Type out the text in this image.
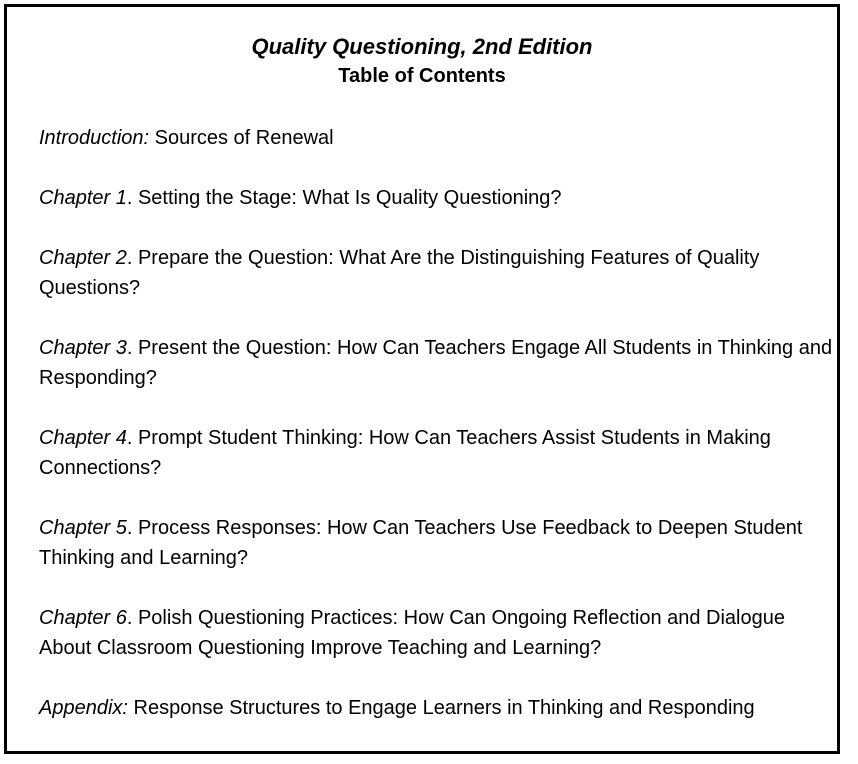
Quality Questioning, 2nd Edition

Table of Contents

Introduction: Sources of Renewal
Chapter 1. Setting the Stage: What Is Quality Questioning?
Chapter 2. Prepare the Question: What Are the Distinguishing Features of Quality Questions?
Chapter 3. Present the Question: How Can Teachers Engage All Students in Thinking and Responding?
Chapter 4. Prompt Student Thinking: How Can Teachers Assist Students in Making Connections?
Chapter 5. Process Responses: How Can Teachers Use Feedback to Deepen Student Thinking and Learning?
Chapter 6. Polish Questioning Practices: How Can Ongoing Reflection and Dialogue About Classroom Questioning Improve Teaching and Learning?
Appendix: Response Structures to Engage Learners in Thinking and Responding
